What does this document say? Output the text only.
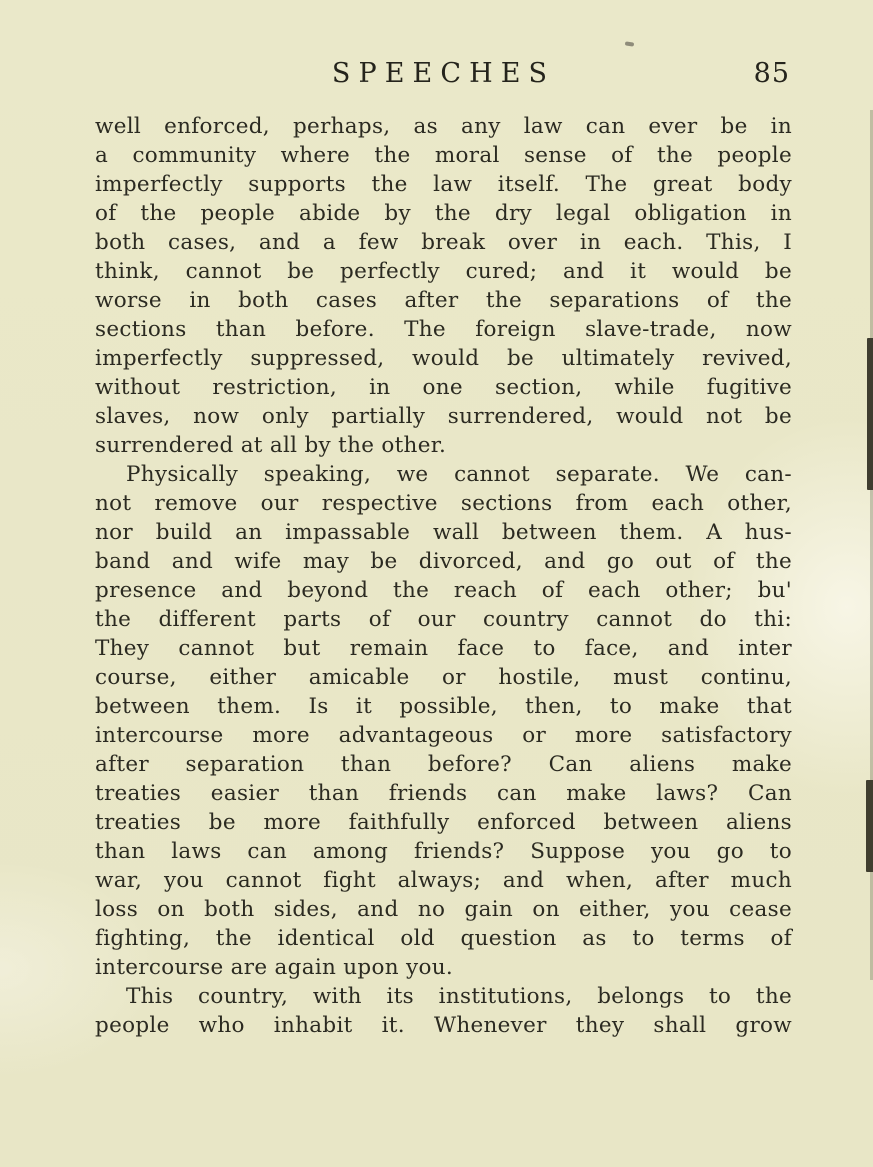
SPEECHES	85
well enforced, perhaps, as any law can ever be in
a community where the moral sense of the people
imperfectly supports the law itself. The great body
of the people abide by the dry legal obligation in
both cases, and a few break over in each. This, I
think, cannot be perfectly cured; and it would be
worse in both cases after the separations of the
sections than before. The foreign slave-trade, now
imperfectly suppressed, would be ultimately revived,
without restriction, in one section, while fugitive
slaves, now only partially surrendered, would not be
surrendered at all by the other.
Physically speaking, we cannot separate. We can-
not remove our respective sections from each other,
nor build an impassable wall between them. A hus-
band and wife may be divorced, and go out of the
presence and beyond the reach of each other; bu'
the different parts of our country cannot do thi:
They cannot but remain face to face, and inter
course, either amicable or hostile, must continu,
between them. Is it possible, then, to make that
intercourse more advantageous or more satisfactory
after separation than before? Can aliens make
treaties easier than friends can make laws? Can
treaties be more faithfully enforced between aliens
than laws can among friends? Suppose you go to
war, you cannot fight always; and when, after much
loss on both sides, and no gain on either, you cease
fighting, the identical old question as to terms of
intercourse are again upon you.
This country, with its institutions, belongs to the
people who inhabit it. Whenever they shall grow
